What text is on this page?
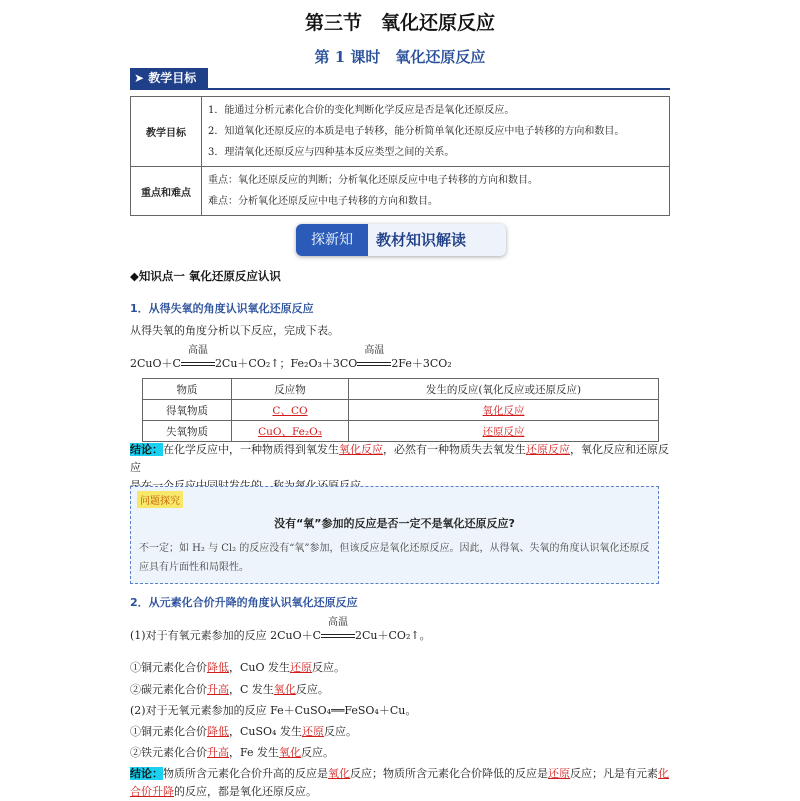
第三节　氧化还原反应
第 1 课时　氧化还原反应
➤ 教学目标
教学目标	1．能通过分析元素化合价的变化判断化学反应是否是氧化还原反应。
2．知道氧化还原反应的本质是电子转移，能分析简单氧化还原反应中电子转移的方向和数目。
3．理清氧化还原反应与四种基本反应类型之间的关系。

重点和难点	重点：氧化还原反应的判断；分析氧化还原反应中电子转移的方向和数目。
难点：分析氧化还原反应中电子转移的方向和数目。
探新知	教材知识解读
◆知识点一 氧化还原反应认识
1．从得失氧的角度认识氧化还原反应
从得失氧的角度分析以下反应，完成下表。
2CuO＋C
高温
2Cu＋CO₂↑；Fe₂O₃＋3CO
高温
2Fe＋3CO₂
物质	反应物	发生的反应(氧化反应或还原反应)
得氧物质	C、CO	氧化反应
失氧物质	CuO、Fe₂O₃	还原反应
结论：在化学反应中，一种物质得到氧发生氧化反应，必然有一种物质失去氧发生还原反应，氧化反应和还原反应

问题探究
没有“氧”参加的反应是否一定不是氧化还原反应?
不一定；如 H₂ 与 Cl₂ 的反应没有“氧”参加，但该反应是氧化还原反应。因此，从得氧、失氧的角度认识氧化还原反应具有片面性和局限性。
2．从元素化合价升降的角度认识氧化还原反应
(1)对于有氧元素参加的反应 2CuO＋C
高温
2Cu＋CO₂↑。
①铜元素化合价降低，CuO 发生还原反应。
②碳元素化合价升高，C 发生氧化反应。
(2)对于无氧元素参加的反应 Fe＋CuSO₄══FeSO₄＋Cu。
①铜元素化合价降低，CuSO₄ 发生还原反应。
②铁元素化合价升高，Fe 发生氧化反应。
结论：物质所含元素化合价升高的反应是氧化反应；物质所含元素化合价降低的反应是还原反应；凡是有元素化合价升降的反应，都是氧化还原反应。
